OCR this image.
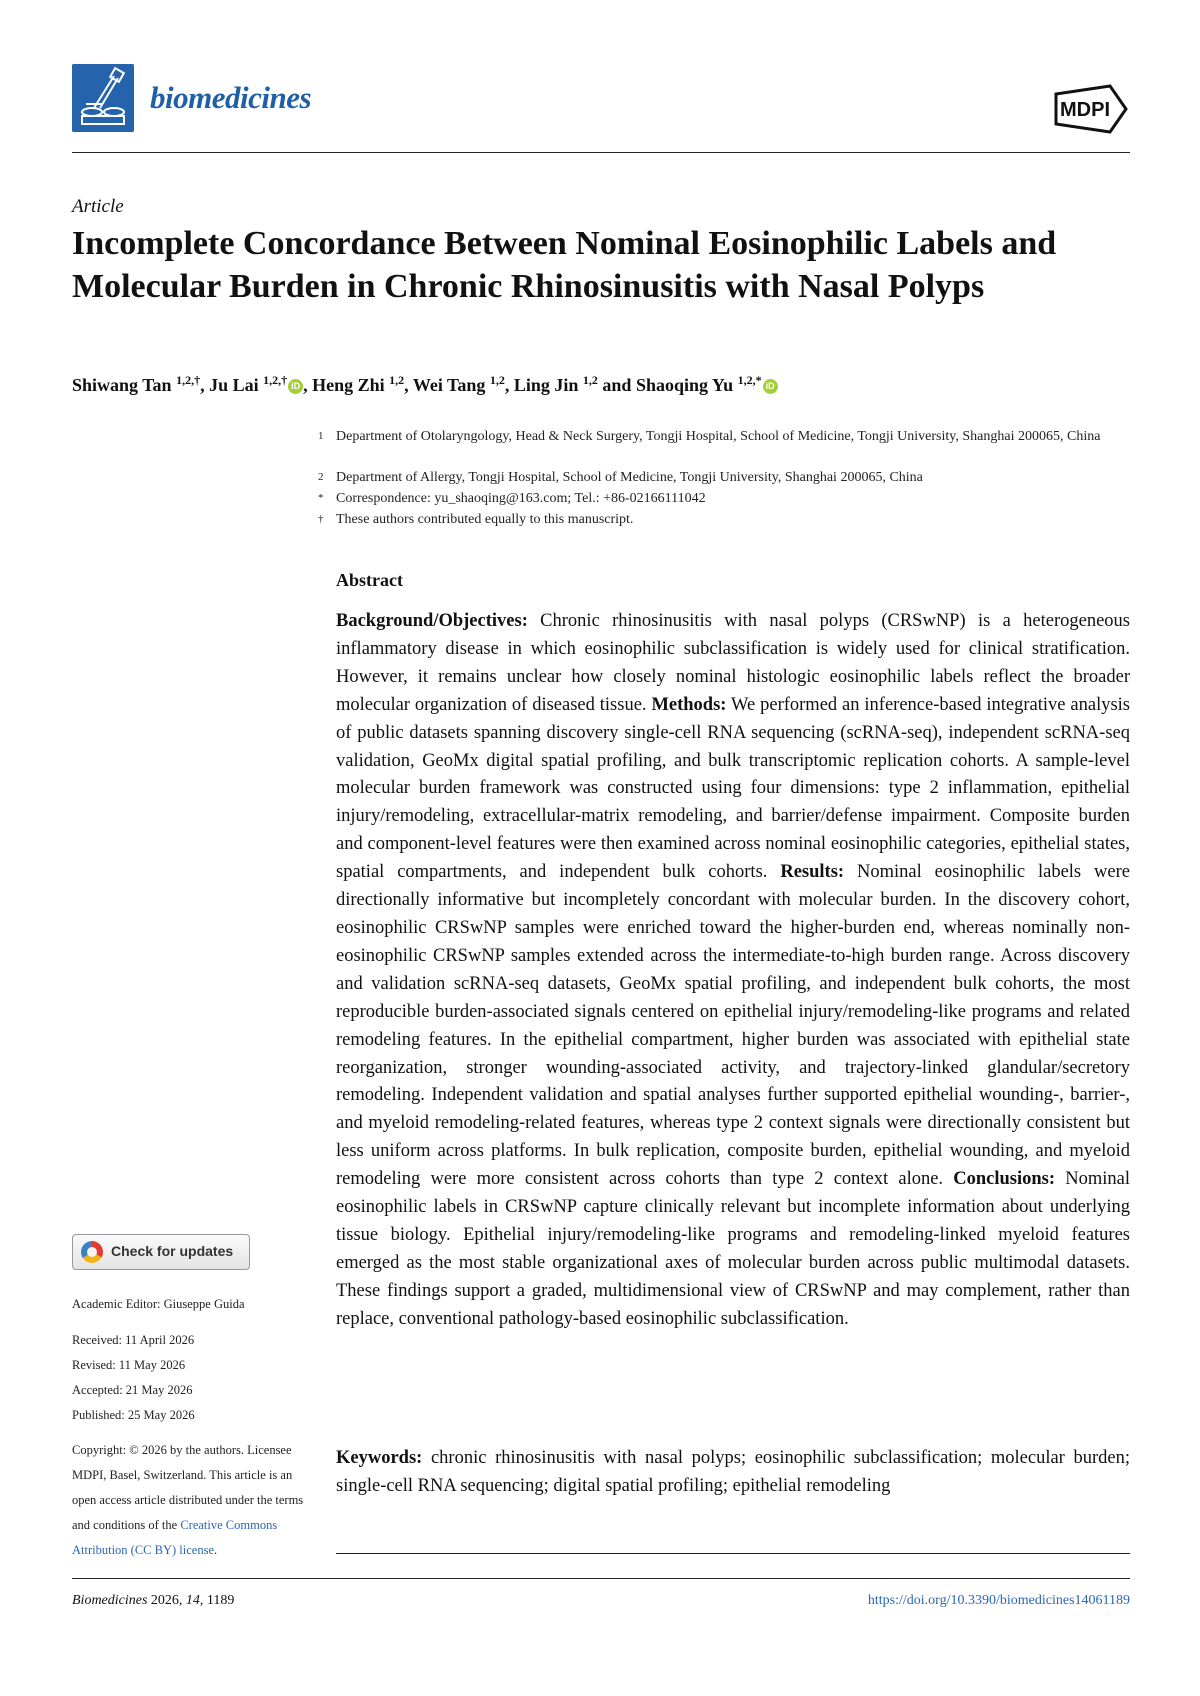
biomedicines	MDPI
Article
Incomplete Concordance Between Nominal Eosinophilic Labels and Molecular Burden in Chronic Rhinosinusitis with Nasal Polyps
Shiwang Tan $^{1,2,\dagger}$, Ju Lai $^{1,2,\dagger}$ iD , Heng Zhi $^{1,2}$, Wei Tang $^{1,2}$, Ling Jin $^{1,2}$ and Shaoqing Yu $^{1,2,*}$ iD
1 Department of Otolaryngology, Head & Neck Surgery, Tongji Hospital, School of Medicine, Tongji University, Shanghai 200065, China
2 Department of Allergy, Tongji Hospital, School of Medicine, Tongji University, Shanghai 200065, China
* Correspondence: yu_shaoqing@163.com; Tel.: +86-02166111042
† These authors contributed equally to this manuscript.
Abstract

Background/Objectives: Chronic rhinosinusitis with nasal polyps (CRSwNP) is a heterogeneous inflammatory disease in which eosinophilic subclassification is widely used for clinical stratification. However, it remains unclear how closely nominal histologic eosinophilic labels reflect the broader molecular organization of diseased tissue. Methods: We performed an inference-based integrative analysis of public datasets spanning discovery single-cell RNA sequencing (scRNA-seq), independent scRNA-seq validation, GeoMx digital spatial profiling, and bulk transcriptomic replication cohorts. A sample-level molecular burden framework was constructed using four dimensions: type 2 inflammation, epithelial injury/remodeling, extracellular-matrix remodeling, and barrier/defense impairment. Composite burden and component-level features were then examined across nominal eosinophilic categories, epithelial states, spatial compartments, and independent bulk cohorts. Results: Nominal eosinophilic labels were directionally informative but incompletely concordant with molecular burden. In the discovery cohort, eosinophilic CRSwNP samples were enriched toward the higher-burden end, whereas nominally non-eosinophilic CRSwNP samples extended across the intermediate-to-high burden range. Across discovery and validation scRNA-seq datasets, GeoMx spatial profiling, and independent bulk cohorts, the most reproducible burden-associated signals centered on epithelial injury/remodeling-like programs and related remodeling features. In the epithelial compartment, higher burden was associated with epithelial state reorganization, stronger wounding-associated activity, and trajectory-linked glandular/secretory remodeling. Independent validation and spatial analyses further supported epithelial wounding-, barrier-, and myeloid remodeling-related features, whereas type 2 context signals were directionally consistent but less uniform across platforms. In bulk replication, composite burden, epithelial wounding, and myeloid remodeling were more consistent across cohorts than type 2 context alone. Conclusions: Nominal eosinophilic labels in CRSwNP capture clinically relevant but incomplete information about underlying tissue biology. Epithelial injury/remodeling-like programs and remodeling-linked myeloid features emerged as the most stable organizational axes of molecular burden across public multimodal datasets. These findings support a graded, multidimensional view of CRSwNP and may complement, rather than replace, conventional pathology-based eosinophilic subclassification.

Keywords: chronic rhinosinusitis with nasal polyps; eosinophilic subclassification; molecular burden; single-cell RNA sequencing; digital spatial profiling; epithelial remodeling

Check for updates
Academic Editor: Giuseppe Guida
Received: 11 April 2026
Revised: 11 May 2026
Accepted: 21 May 2026
Published: 25 May 2026
Copyright: © 2026 by the authors. Licensee MDPI, Basel, Switzerland. This article is an open access article distributed under the terms and conditions of the Creative Commons Attribution (CC BY) license.
Biomedicines 2026, 14, 1189	https://doi.org/10.3390/biomedicines14061189
